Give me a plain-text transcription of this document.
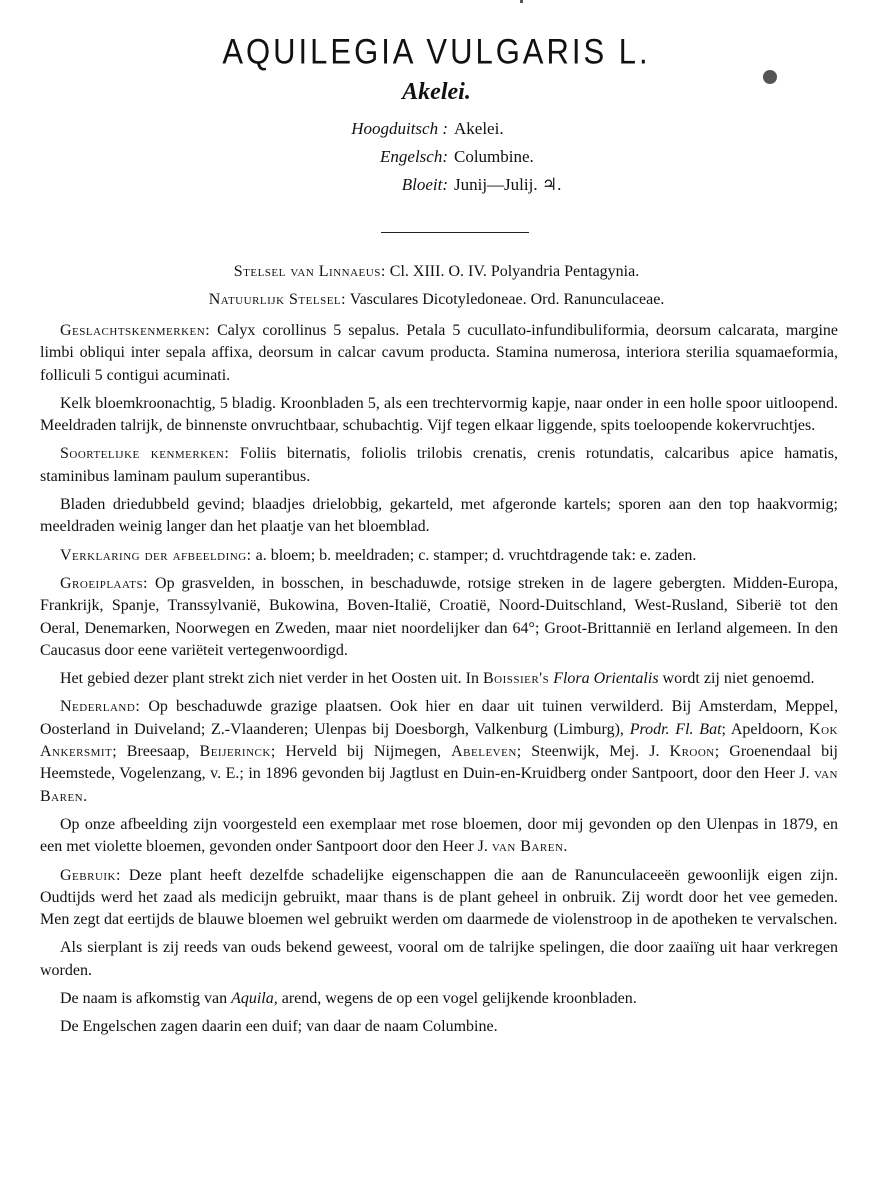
AQUILEGIA VULGARIS L.
Akelei.
Hoogduitsch : Akelei.
Engelsch: Columbine.
Bloeit: Junij—Julij. ♃.
Stelsel van Linnaeus: Cl. XIII. O. IV. Polyandria Pentagynia.
Natuurlijk Stelsel: Vasculares Dicotyledoneae. Ord. Ranunculaceae.

Geslachtskenmerken: Calyx corollinus 5 sepalus. Petala 5 cucullato-infundibuliformia, deorsum calcarata, margine limbi obliqui inter sepala affixa, deorsum in calcar cavum producta. Stamina numerosa, interiora sterilia squamaeformia, folliculi 5 contigui acuminati.

Kelk bloemkroonachtig, 5 bladig. Kroonbladen 5, als een trechtervormig kapje, naar onder in een holle spoor uitloopend. Meeldraden talrijk, de binnenste onvruchtbaar, schubachtig. Vijf tegen elkaar liggende, spits toeloopende kokervruchtjes.

Soortelijke kenmerken: Foliis biternatis, foliolis trilobis crenatis, crenis rotundatis, calcaribus apice hamatis, staminibus laminam paulum superantibus.

Bladen driedubbeld gevind; blaadjes drielobbig, gekarteld, met afgeronde kartels; sporen aan den top haakvormig; meeldraden weinig langer dan het plaatje van het bloemblad.

Verklaring der afbeelding: a. bloem; b. meeldraden; c. stamper; d. vruchtdragende tak: e. zaden.

Groeiplaats: Op grasvelden, in bosschen, in beschaduwde, rotsige streken in de lagere gebergten. Midden-Europa, Frankrijk, Spanje, Transsylvanië, Bukowina, Boven-Italië, Croatië, Noord-Duitschland, West-Rusland, Siberië tot den Oeral, Denemarken, Noorwegen en Zweden, maar niet noordelijker dan 64°; Groot-Brittannië en Ierland algemeen. In den Caucasus door eene variëteit vertegenwoordigd.

Het gebied dezer plant strekt zich niet verder in het Oosten uit. In Boissier's Flora Orientalis wordt zij niet genoemd.

Nederland: Op beschaduwde grazige plaatsen. Ook hier en daar uit tuinen verwilderd. Bij Amsterdam, Meppel, Oosterland in Duiveland; Z.-Vlaanderen; Ulenpas bij Doesborgh, Valkenburg (Limburg), Prodr. Fl. Bat; Apeldoorn, Kok Ankersmit; Breesaap, Beijerinck; Herveld bij Nijmegen, Abeleven; Steenwijk, Mej. J. Kroon; Groenendaal bij Heemstede, Vogelenzang, v. E.; in 1896 gevonden bij Jagtlust en Duin-en-Kruidberg onder Santpoort, door den Heer J. van Baren.

Op onze afbeelding zijn voorgesteld een exemplaar met rose bloemen, door mij gevonden op den Ulenpas in 1879, en een met violette bloemen, gevonden onder Santpoort door den Heer J. van Baren.

Gebruik: Deze plant heeft dezelfde schadelijke eigenschappen die aan de Ranunculaceeën gewoonlijk eigen zijn. Oudtijds werd het zaad als medicijn gebruikt, maar thans is de plant geheel in onbruik. Zij wordt door het vee gemeden. Men zegt dat eertijds de blauwe bloemen wel gebruikt werden om daarmede de violenstroop in de apotheken te vervalschen.

Als sierplant is zij reeds van ouds bekend geweest, vooral om de talrijke spelingen, die door zaaiïng uit haar verkregen worden.

De naam is afkomstig van Aquila, arend, wegens de op een vogel gelijkende kroonbladen.

De Engelschen zagen daarin een duif; van daar de naam Columbine.
